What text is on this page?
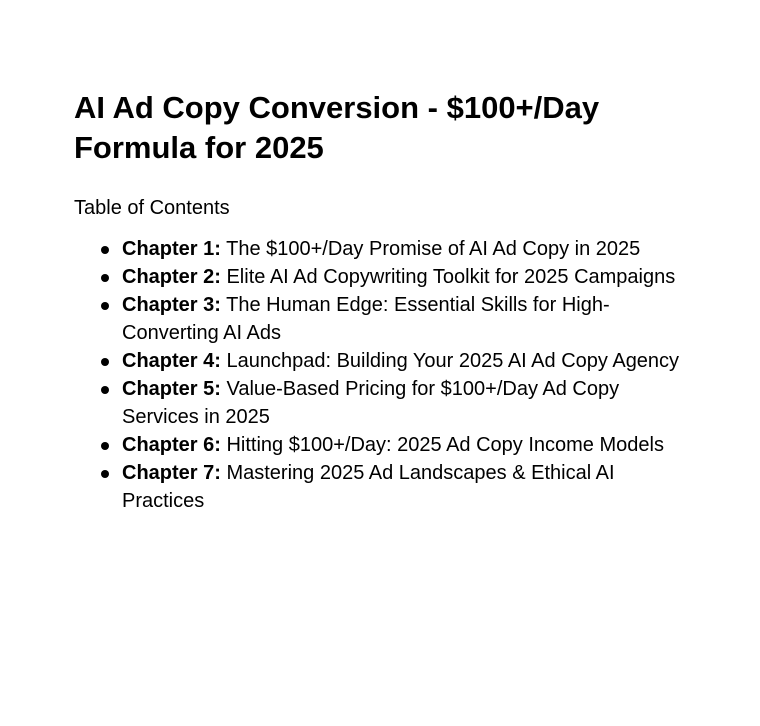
AI Ad Copy Conversion - $100+/Day Formula for 2025
Table of Contents
Chapter 1: The $100+/Day Promise of AI Ad Copy in 2025
Chapter 2: Elite AI Ad Copywriting Toolkit for 2025 Campaigns
Chapter 3: The Human Edge: Essential Skills for High-Converting AI Ads
Chapter 4: Launchpad: Building Your 2025 AI Ad Copy Agency
Chapter 5: Value-Based Pricing for $100+/Day Ad Copy Services in 2025
Chapter 6: Hitting $100+/Day: 2025 Ad Copy Income Models
Chapter 7: Mastering 2025 Ad Landscapes & Ethical AI Practices
